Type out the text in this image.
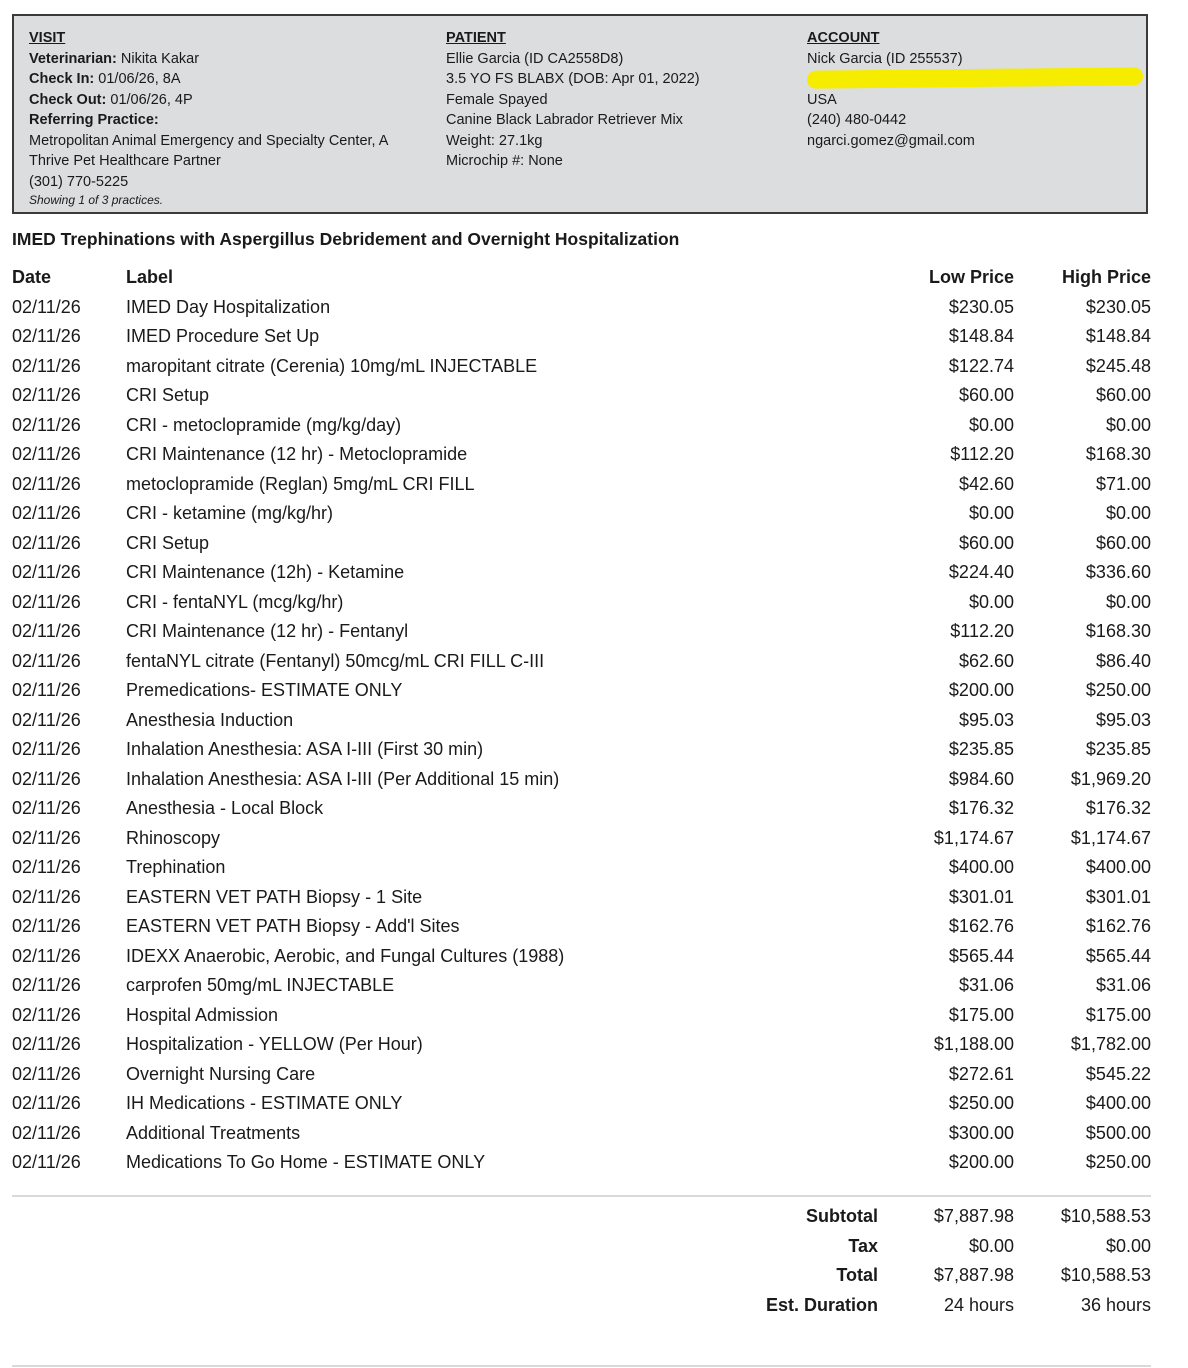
VISIT
Veterinarian: Nikita Kakar
Check In: 01/06/26, 8A
Check Out: 01/06/26, 4P
Referring Practice:
Metropolitan Animal Emergency and Specialty Center, A
Thrive Pet Healthcare Partner
(301) 770-5225
Showing 1 of 3 practices.
PATIENT
Ellie Garcia (ID CA2558D8)
3.5 YO FS BLABX (DOB: Apr 01, 2022)
Female Spayed
Canine Black Labrador Retriever Mix
Weight: 27.1kg
Microchip #: None
ACCOUNT
Nick Garcia (ID 255537)
USA
(240) 480-0442
ngarci.gomez@gmail.com
IMED Trephinations with Aspergillus Debridement and Overnight Hospitalization
Date	Label	Low Price	High Price
02/11/26	IMED Day Hospitalization	$230.05	$230.05
02/11/26	IMED Procedure Set Up	$148.84	$148.84
02/11/26	maropitant citrate (Cerenia) 10mg/mL INJECTABLE	$122.74	$245.48
02/11/26	CRI Setup	$60.00	$60.00
02/11/26	CRI - metoclopramide (mg/kg/day)	$0.00	$0.00
02/11/26	CRI Maintenance (12 hr) - Metoclopramide	$112.20	$168.30
02/11/26	metoclopramide (Reglan) 5mg/mL CRI FILL	$42.60	$71.00
02/11/26	CRI - ketamine (mg/kg/hr)	$0.00	$0.00
02/11/26	CRI Setup	$60.00	$60.00
02/11/26	CRI Maintenance (12h) - Ketamine	$224.40	$336.60
02/11/26	CRI - fentaNYL (mcg/kg/hr)	$0.00	$0.00
02/11/26	CRI Maintenance (12 hr) - Fentanyl	$112.20	$168.30
02/11/26	fentaNYL citrate (Fentanyl) 50mcg/mL CRI FILL C-III	$62.60	$86.40
02/11/26	Premedications- ESTIMATE ONLY	$200.00	$250.00
02/11/26	Anesthesia Induction	$95.03	$95.03
02/11/26	Inhalation Anesthesia: ASA I-III (First 30 min)	$235.85	$235.85
02/11/26	Inhalation Anesthesia: ASA I-III (Per Additional 15 min)	$984.60	$1,969.20
02/11/26	Anesthesia - Local Block	$176.32	$176.32
02/11/26	Rhinoscopy	$1,174.67	$1,174.67
02/11/26	Trephination	$400.00	$400.00
02/11/26	EASTERN VET PATH Biopsy - 1 Site	$301.01	$301.01
02/11/26	EASTERN VET PATH Biopsy - Add'l Sites	$162.76	$162.76
02/11/26	IDEXX Anaerobic, Aerobic, and Fungal Cultures (1988)	$565.44	$565.44
02/11/26	carprofen 50mg/mL INJECTABLE	$31.06	$31.06
02/11/26	Hospital Admission	$175.00	$175.00
02/11/26	Hospitalization - YELLOW (Per Hour)	$1,188.00	$1,782.00
02/11/26	Overnight Nursing Care	$272.61	$545.22
02/11/26	IH Medications - ESTIMATE ONLY	$250.00	$400.00
02/11/26	Additional Treatments	$300.00	$500.00
02/11/26	Medications To Go Home - ESTIMATE ONLY	$200.00	$250.00
Subtotal	$7,887.98	$10,588.53
Tax	$0.00	$0.00
Total	$7,887.98	$10,588.53
Est. Duration	24 hours	36 hours
